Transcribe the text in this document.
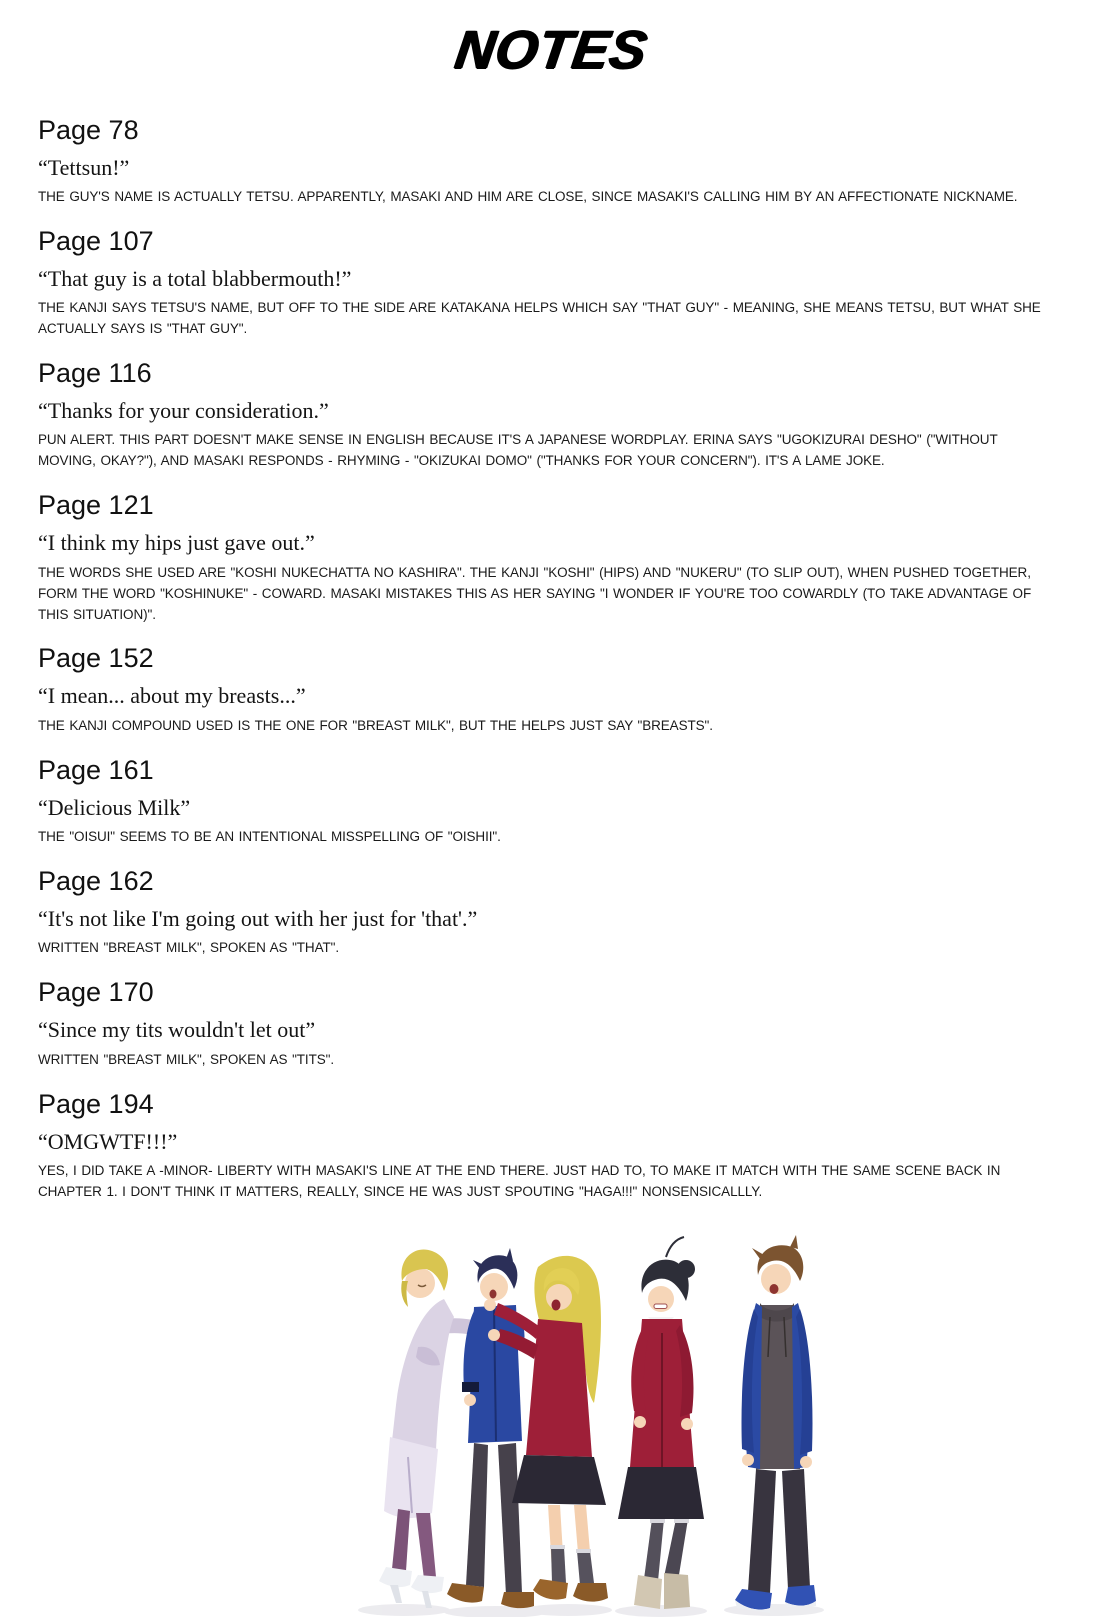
NOTES
Page 78

“Tettsun!”

THE GUY'S NAME IS ACTUALLY TETSU. APPARENTLY, MASAKI AND HIM ARE CLOSE, SINCE MASAKI'S CALLING HIM BY AN AFFECTIONATE NICKNAME.

Page 107

“That guy is a total blabbermouth!”

THE KANJI SAYS TETSU'S NAME, BUT OFF TO THE SIDE ARE KATAKANA HELPS WHICH SAY "THAT GUY" - MEANING, SHE MEANS TETSU, BUT WHAT SHE ACTUALLY SAYS IS "THAT GUY".

Page 116

“Thanks for your consideration.”

PUN ALERT. THIS PART DOESN'T MAKE SENSE IN ENGLISH BECAUSE IT'S A JAPANESE WORDPLAY. ERINA SAYS "UGOKIZURAI DESHO" ("WITHOUT MOVING, OKAY?"), AND MASAKI RESPONDS - RHYMING - "OKIZUKAI DOMO" ("THANKS FOR YOUR CONCERN"). IT'S A LAME JOKE.

Page 121

“I think my hips just gave out.”

THE WORDS SHE USED ARE "KOSHI NUKECHATTA NO KASHIRA". THE KANJI "KOSHI" (HIPS) AND "NUKERU" (TO SLIP OUT), WHEN PUSHED TOGETHER, FORM THE WORD "KOSHINUKE" - COWARD. MASAKI MISTAKES THIS AS HER SAYING "I WONDER IF YOU'RE TOO COWARDLY (TO TAKE ADVANTAGE OF THIS SITUATION)".

Page 152

“I mean... about my breasts...”

THE KANJI COMPOUND USED IS THE ONE FOR "BREAST MILK", BUT THE HELPS JUST SAY "BREASTS".

Page 161

“Delicious Milk”

THE "OISUI" SEEMS TO BE AN INTENTIONAL MISSPELLING OF "OISHII".

Page 162

“It's not like I'm going out with her just for 'that'.”

WRITTEN "BREAST MILK", SPOKEN AS "THAT".

Page 170

“Since my tits wouldn't let out”

WRITTEN "BREAST MILK", SPOKEN AS "TITS".

Page 194

“OMGWTF!!!”

YES, I DID TAKE A -MINOR- LIBERTY WITH MASAKI'S LINE AT THE END THERE. JUST HAD TO, TO MAKE IT MATCH WITH THE SAME SCENE BACK IN CHAPTER 1. I DON'T THINK IT MATTERS, REALLY, SINCE HE WAS JUST SPOUTING "HAGA!!!" NONSENSICALLLY.
